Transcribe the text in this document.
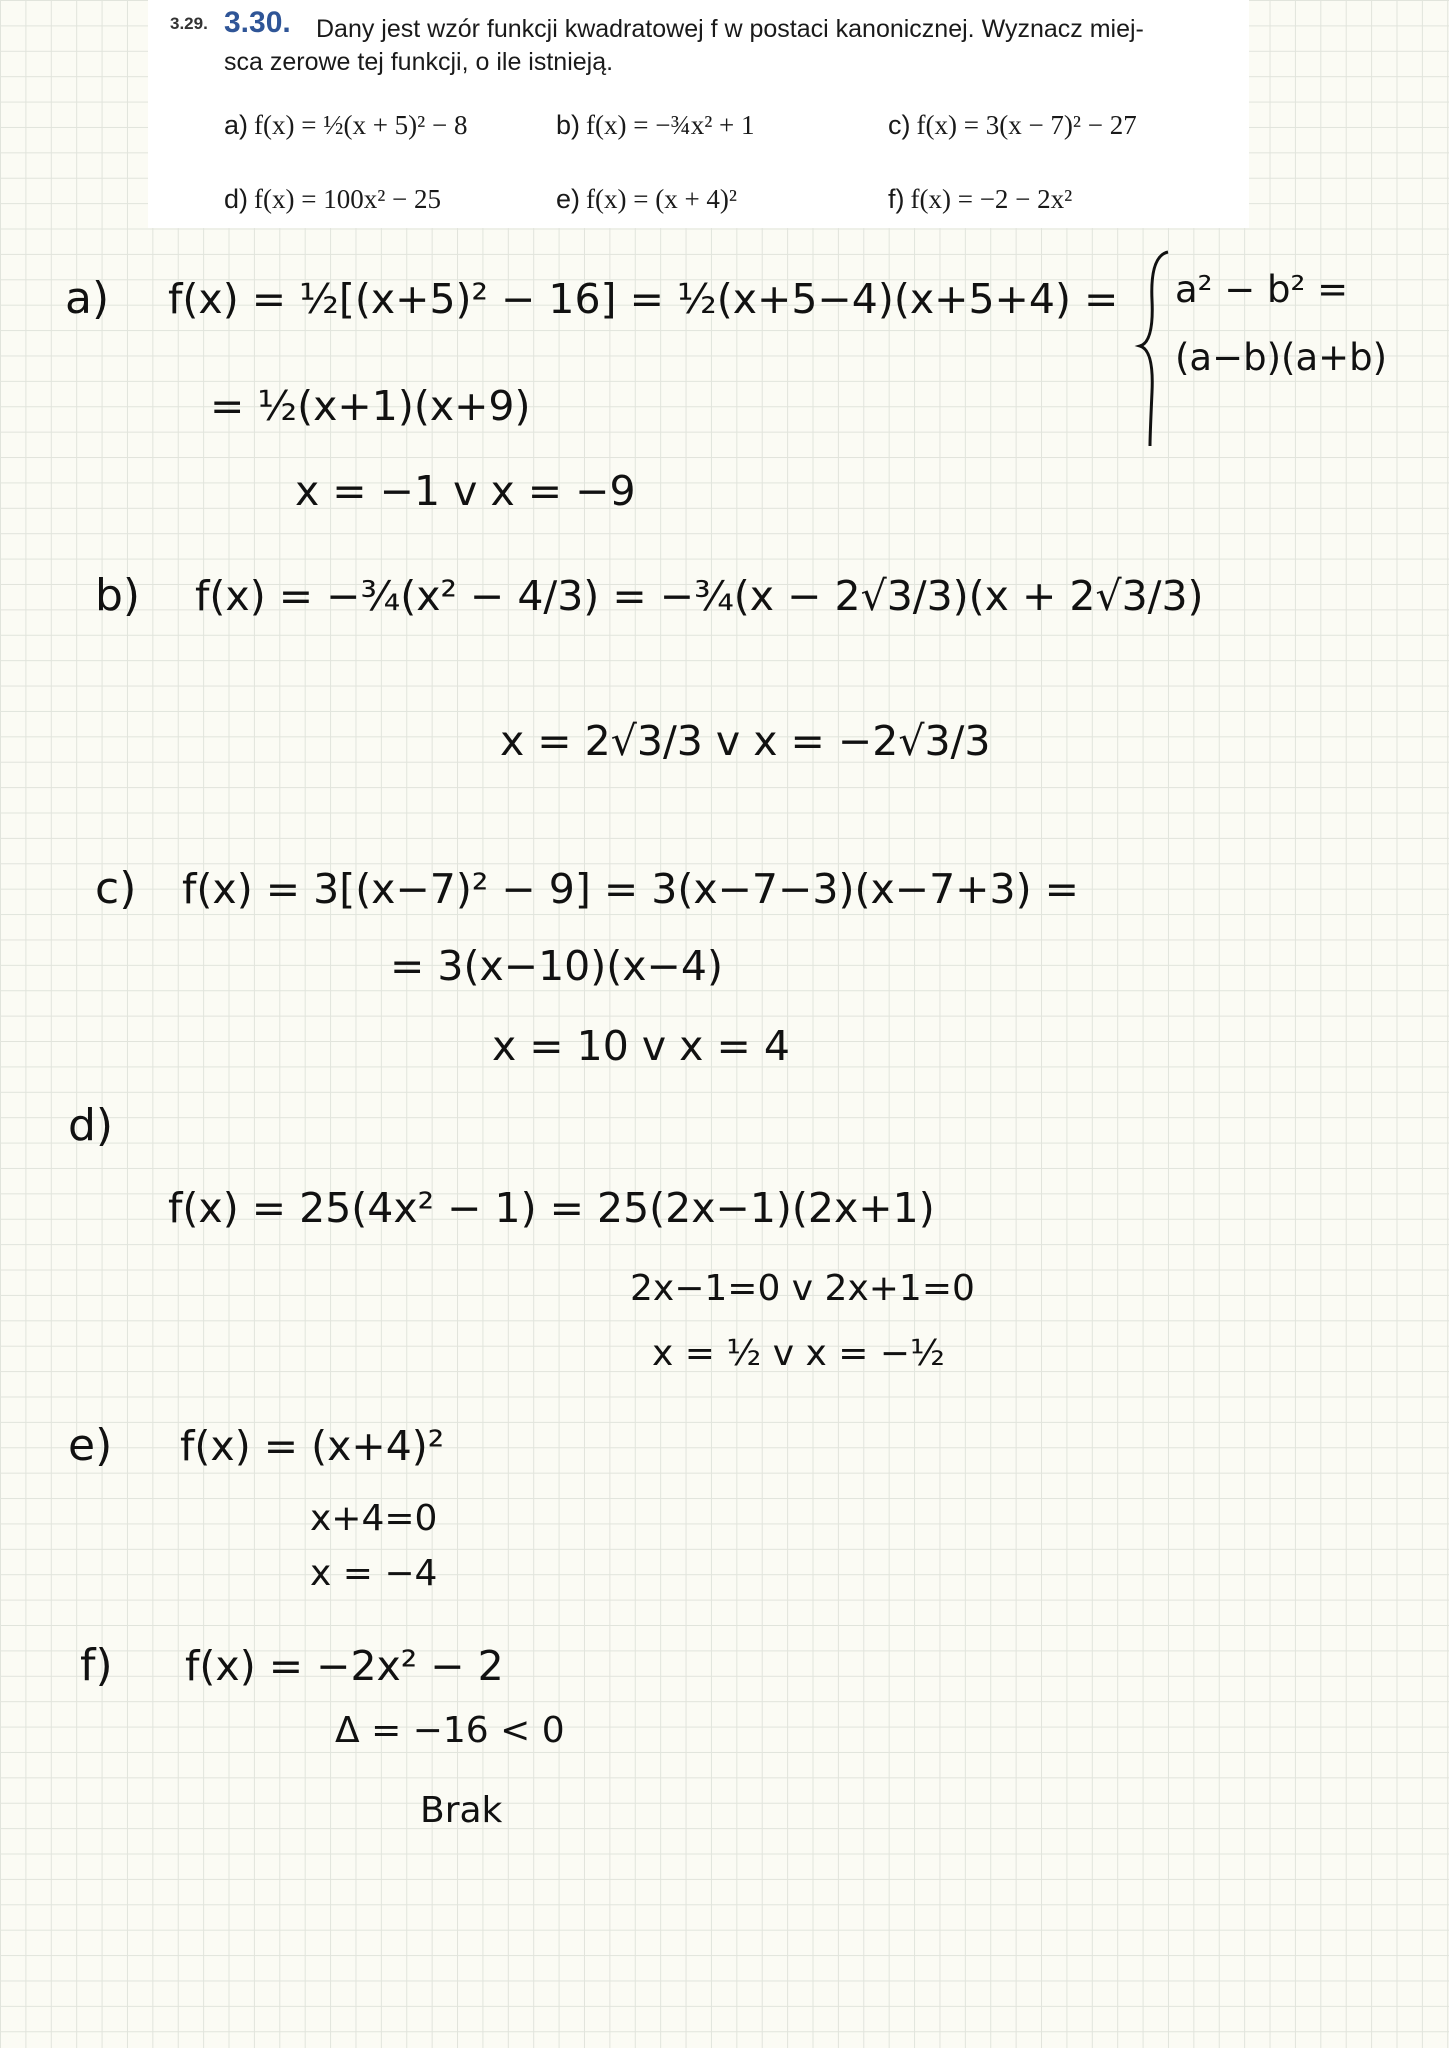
3.29. 3.30. Dany jest wzór funkcji kwadratowej f w postaci kanonicznej. Wyznacz miej-
sca zerowe tej funkcji, o ile istnieją.
a) f(x) = ½(x + 5)² − 8	b) f(x) = −¾x² + 1	c) f(x) = 3(x − 7)² − 27
d) f(x) = 100x² − 25	e) f(x) = (x + 4)²	f) f(x) = −2 − 2x²
a² − b² =
(a−b)(a+b)
a) f(x) = ½[(x+5)² − 16] = ½(x+5−4)(x+5+4) =
= ½(x+1)(x+9)
x = −1 v x = −9
b) f(x) = −¾(x² − 4/3) = −¾(x − 2√3/3)(x + 2√3/3)
x = 2√3/3 v x = −2√3/3
c) f(x) = 3[(x−7)² − 9] = 3(x−7−3)(x−7+3) =
= 3(x−10)(x−4)
x = 10 v x = 4
d)
f(x) = 25(4x² − 1) = 25(2x−1)(2x+1)
2x−1=0 v 2x+1=0
x = ½ v x = −½
e) f(x) = (x+4)²
x+4=0
x = −4
f) f(x) = −2x² − 2
Δ = −16 < 0
Brak
